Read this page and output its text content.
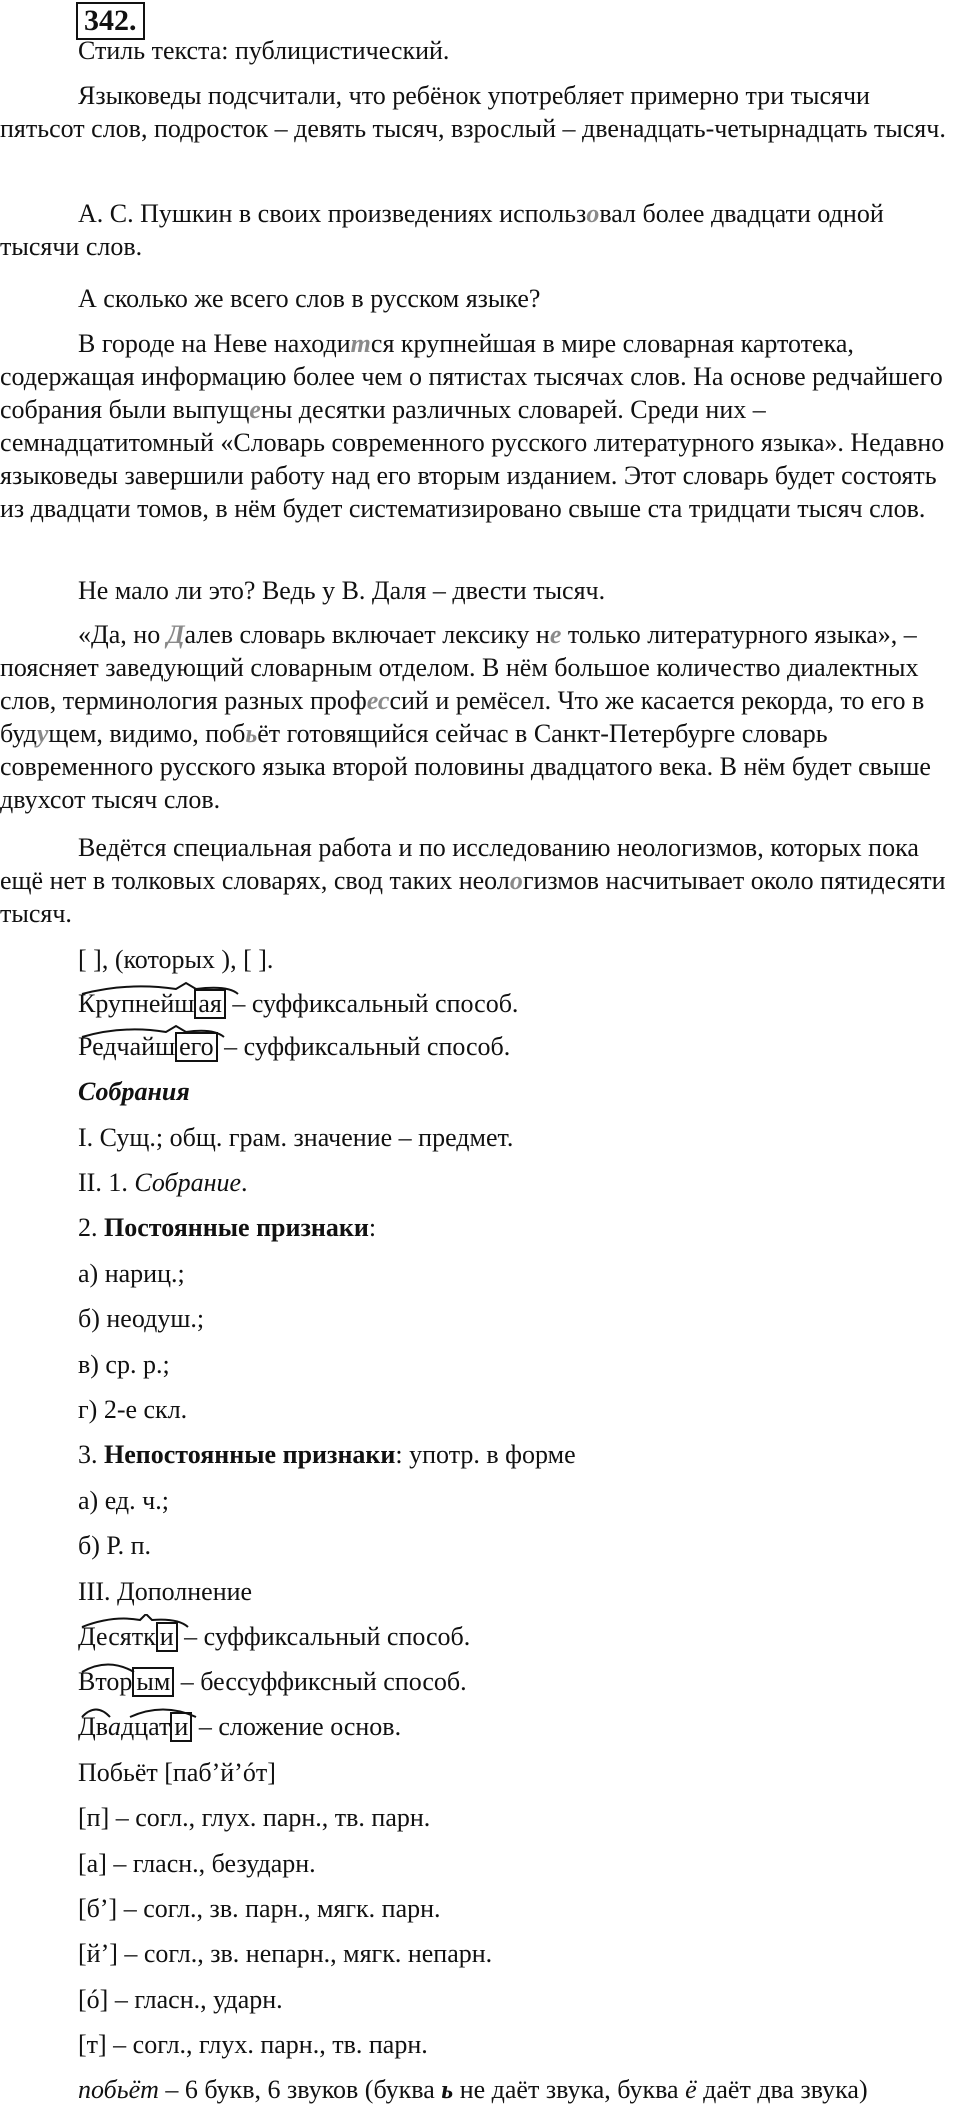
342.
Стиль текста: публицистический.
Языковеды подсчитали, что ребёнок употребляет примерно три тысячи пятьсот слов, подросток – девять тысяч, взрослый – двенадцать-четырнадцать тысяч.
А. С. Пушкин в своих произведениях использовал более двадцати одной тысячи слов.
А сколько же всего слов в русском языке?
В городе на Неве находится крупнейшая в мире словарная картотека, содержащая информацию более чем о пятистах тысячах слов. На основе редчайшего собрания были выпущены десятки различных словарей. Среди них – семнадцатитомный «Словарь современного русского литературного языка». Недавно языковеды завершили работу над его вторым изданием. Этот словарь будет состоять из двадцати томов, в нём будет систематизировано свыше ста тридцати тысяч слов.
Не мало ли это? Ведь у В. Даля – двести тысяч.
«Да, но Далев словарь включает лексику не только литературного языка», – поясняет заведующий словарным отделом. В нём большое количество диалектных слов, терминология разных профессий и ремёсел. Что же касается рекорда, то его в будущем, видимо, побьёт готовящийся сейчас в Санкт-Петербурге словарь современного русского языка второй половины двадцатого века. В нём будет свыше двухсот тысяч слов.
Ведётся специальная работа и по исследованию неологизмов, которых пока ещё нет в толковых словарях, свод таких неологизмов насчитывает около пятидесяти тысяч.
[ ], (которых ), [ ].
Крупнейш ая – суффиксальный способ.
Редчайш его – суффиксальный способ.
Собрания
I. Сущ.; общ. грам. значение – предмет.
II. 1. Собрание.
2. Постоянные признаки:
а) нариц.;
б) неодуш.;
в) ср. р.;
г) 2-е скл.
3. Непостоянные признаки: употр. в форме
а) ед. ч.;
б) Р. п.
III. Дополнение
Десятк и – суффиксальный способ.
Втор ым – бессуффиксный способ.
Двадцат и – сложение основ.
Побьёт [паб’й’óт]
[п] – согл., глух. парн., тв. парн.
[а] – гласн., безударн.
[б’] – согл., зв. парн., мягк. парн.
[й’] – согл., зв. непарн., мягк. непарн.
[ó] – гласн., ударн.
[т] – согл., глух. парн., тв. парн.
побьёт – 6 букв, 6 звуков (буква ь не даёт звука, буква ё даёт два звука)
